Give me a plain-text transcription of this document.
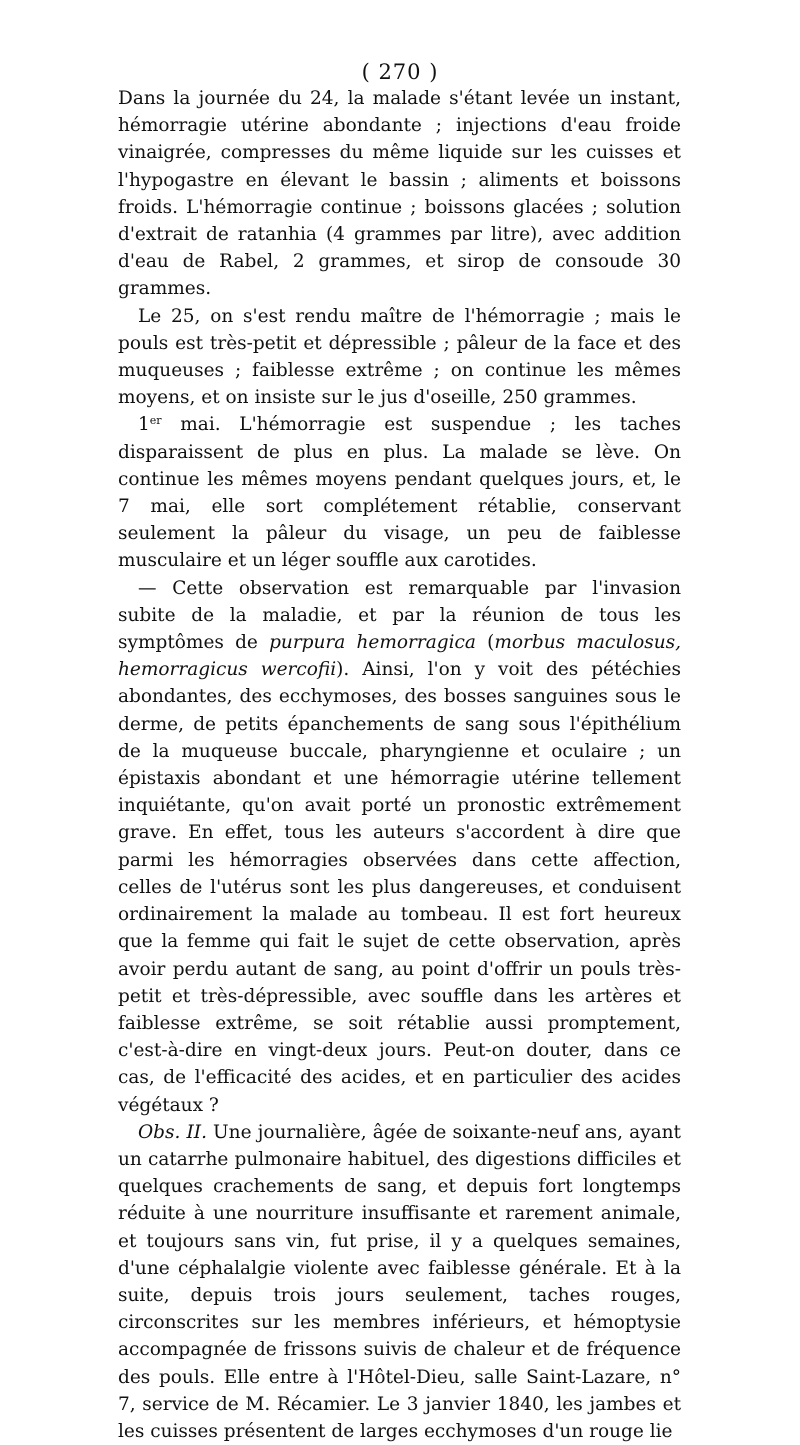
( 270 )

Dans la journée du 24, la malade s'étant levée un instant, hémorragie utérine abondante ; injections d'eau froide vinaigrée, compresses du même liquide sur les cuisses et l'hypogastre en élevant le bassin ; aliments et boissons froids. L'hémorragie continue ; boissons glacées ; solution d'extrait de ratanhia (4 grammes par litre), avec addition d'eau de Rabel, 2 grammes, et sirop de consoude 30 grammes.

Le 25, on s'est rendu maître de l'hémorragie ; mais le pouls est très-petit et dépressible ; pâleur de la face et des muqueuses ; faiblesse extrême ; on continue les mêmes moyens, et on insiste sur le jus d'oseille, 250 grammes.

1er mai. L'hémorragie est suspendue ; les taches disparaissent de plus en plus. La malade se lève. On continue les mêmes moyens pendant quelques jours, et, le 7 mai, elle sort complétement rétablie, conservant seulement la pâleur du visage, un peu de faiblesse musculaire et un léger souffle aux carotides.

— Cette observation est remarquable par l'invasion subite de la maladie, et par la réunion de tous les symptômes de purpura hemorragica (morbus maculosus, hemorragicus wercofii). Ainsi, l'on y voit des pétéchies abondantes, des ecchymoses, des bosses sanguines sous le derme, de petits épanchements de sang sous l'épithélium de la muqueuse buccale, pharyngienne et oculaire ; un épistaxis abondant et une hémorragie utérine tellement inquiétante, qu'on avait porté un pronostic extrêmement grave. En effet, tous les auteurs s'accordent à dire que parmi les hémorragies observées dans cette affection, celles de l'utérus sont les plus dangereuses, et conduisent ordinairement la malade au tombeau. Il est fort heureux que la femme qui fait le sujet de cette observation, après avoir perdu autant de sang, au point d'offrir un pouls très-petit et très-dépressible, avec souffle dans les artères et faiblesse extrême, se soit rétablie aussi promptement, c'est-à-dire en vingt-deux jours. Peut-on douter, dans ce cas, de l'efficacité des acides, et en particulier des acides végétaux ?

Obs. II. Une journalière, âgée de soixante-neuf ans, ayant un catarrhe pulmonaire habituel, des digestions difficiles et quelques crachements de sang, et depuis fort longtemps réduite à une nourriture insuffisante et rarement animale, et toujours sans vin, fut prise, il y a quelques semaines, d'une céphalalgie violente avec faiblesse générale. Et à la suite, depuis trois jours seulement, taches rouges, circonscrites sur les membres inférieurs, et hémoptysie accompagnée de frissons suivis de chaleur et de fréquence des pouls. Elle entre à l'Hôtel-Dieu, salle Saint-Lazare, n° 7, service de M. Récamier. Le 3 janvier 1840, les jambes et les cuisses présentent de larges ecchymoses d'un rouge lie
